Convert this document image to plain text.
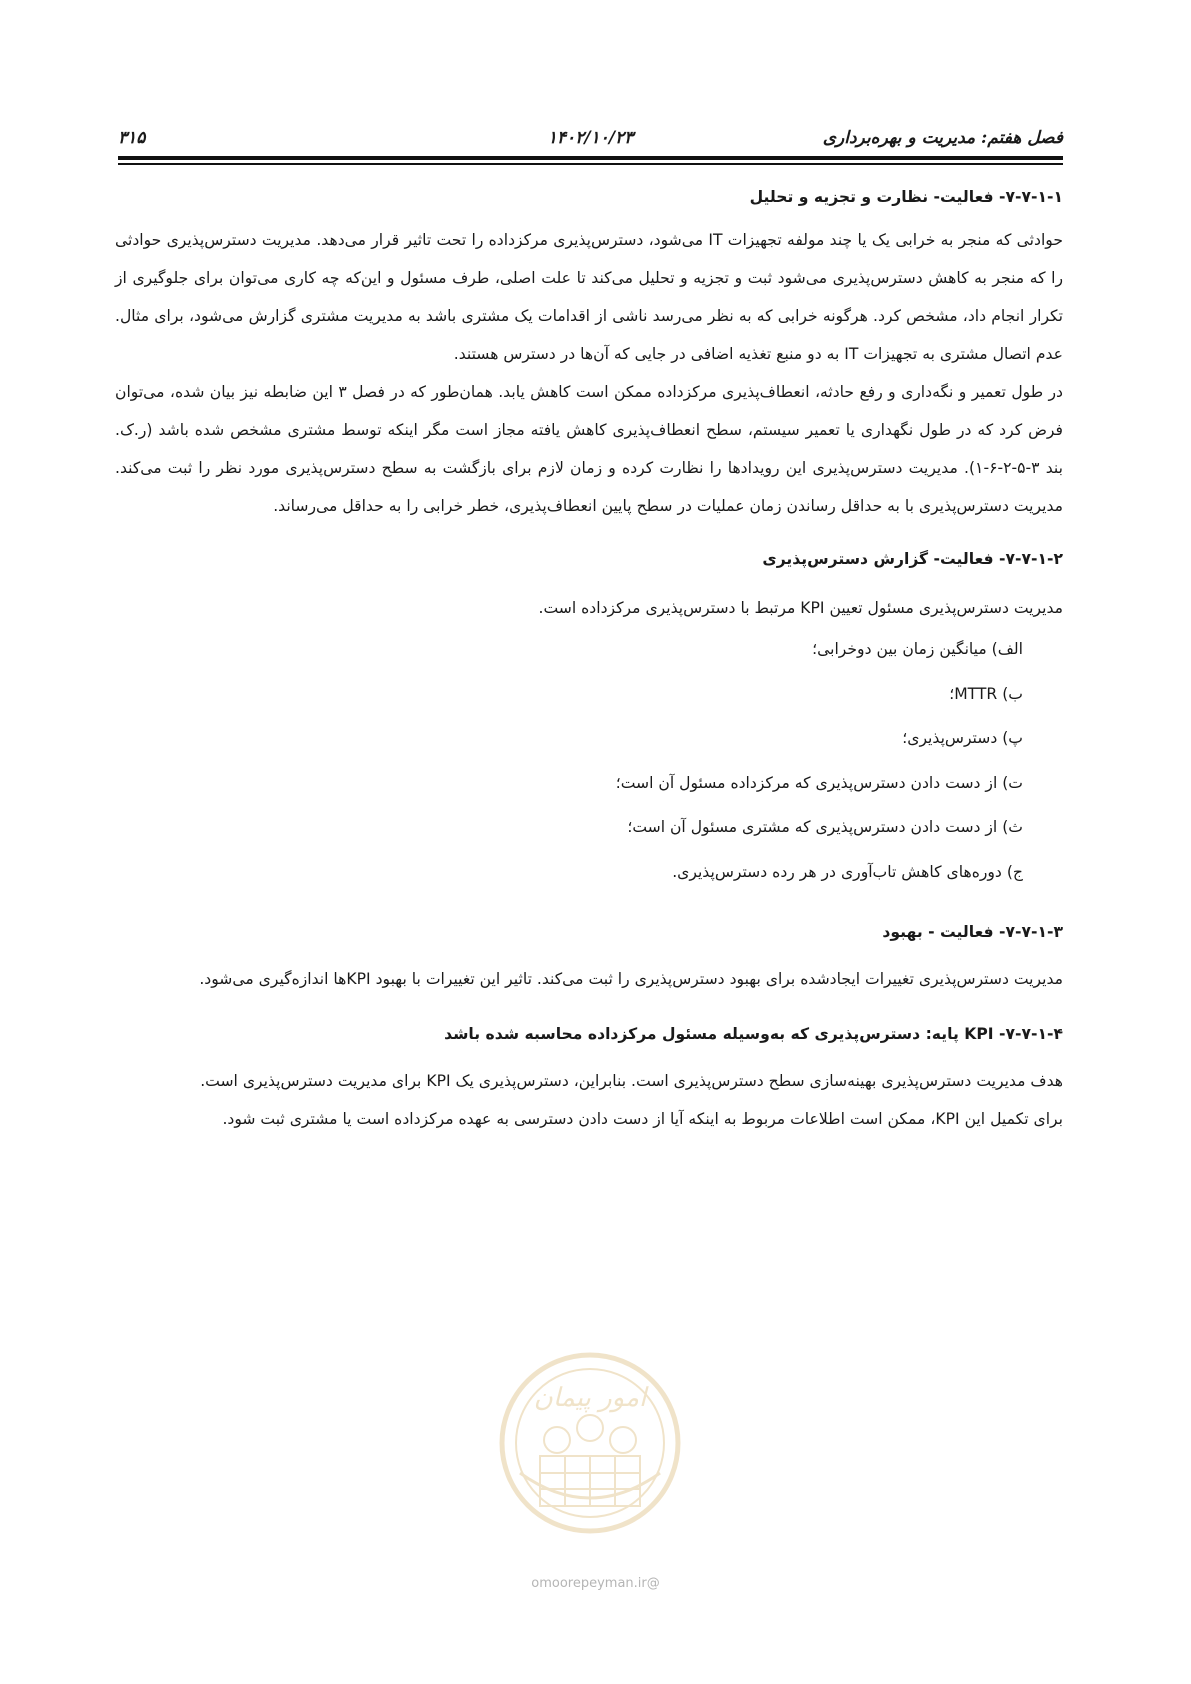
فصل هفتم: مدیریت و بهره‌برداری
۱۴۰۲/۱۰/۲۳
۳۱۵

۷-۷-۱-۱- فعالیت- نظارت و تجزیه و تحلیل

حوادثی که منجر به خرابی یک یا چند مولفه تجهیزات IT می‌شود، دسترس‌پذیری مرکزداده را تحت تاثیر قرار می‌دهد. مدیریت دسترس‌پذیری حوادثی را که منجر به کاهش دسترس‌پذیری می‌شود ثبت و تجزیه و تحلیل می‌کند تا علت اصلی، طرف مسئول و این‌که چه کاری می‌توان برای جلوگیری از تکرار انجام داد، مشخص کرد. هرگونه خرابی که به نظر می‌رسد ناشی از اقدامات یک مشتری باشد به مدیریت مشتری گزارش می‌شود، برای مثال. عدم اتصال مشتری به تجهیزات IT به دو منبع تغذیه اضافی در جایی که آن‌ها در دسترس هستند.

در طول تعمیر و نگه‌داری و رفع حادثه، انعطاف‌پذیری مرکزداده ممکن است کاهش یابد. همان‌طور که در فصل ۳ این ضابطه نیز بیان شده، می‌توان فرض کرد که در طول نگهداری یا تعمیر سیستم، سطح انعطاف‌پذیری کاهش یافته مجاز است مگر اینکه توسط مشتری مشخص شده باشد (ر.ک. بند ۳-۵-۲-۶-۱). مدیریت دسترس‌پذیری این رویدادها را نظارت کرده و زمان لازم برای بازگشت به سطح دسترس‌پذیری مورد نظر را ثبت می‌کند. مدیریت دسترس‌پذیری با به حداقل رساندن زمان عملیات در سطح پایین انعطاف‌پذیری، خطر خرابی را به حداقل می‌رساند.

۷-۷-۱-۲- فعالیت- گزارش دسترس‌پذیری

مدیریت دسترس‌پذیری مسئول تعیین KPI مرتبط با دسترس‌پذیری مرکزداده است.

الف) میانگین زمان بین دوخرابی؛
ب) MTTR؛
پ) دسترس‌پذیری؛
ت) از دست دادن دسترس‌پذیری که مرکزداده مسئول آن است؛
ث) از دست دادن دسترس‌پذیری که مشتری مسئول آن است؛
ج) دوره‌های کاهش تاب‌آوری در هر رده دسترس‌پذیری.

۷-۷-۱-۳- فعالیت - بهبود

مدیریت دسترس‌پذیری تغییرات ایجادشده برای بهبود دسترس‌پذیری را ثبت می‌کند. تاثیر این تغییرات با بهبود KPIها اندازه‌گیری می‌شود.

۷-۷-۱-۴- KPI پایه: دسترس‌پذیری که به‌وسیله مسئول مرکزداده محاسبه شده باشد

هدف مدیریت دسترس‌پذیری بهینه‌سازی سطح دسترس‌پذیری است. بنابراین، دسترس‌پذیری یک KPI برای مدیریت دسترس‌پذیری است.

برای تکمیل این KPI، ممکن است اطلاعات مربوط به اینکه آیا از دست دادن دسترسی به عهده مرکزداده است یا مشتری ثبت شود.

امور پیمان
@omoorepeyman.ir
